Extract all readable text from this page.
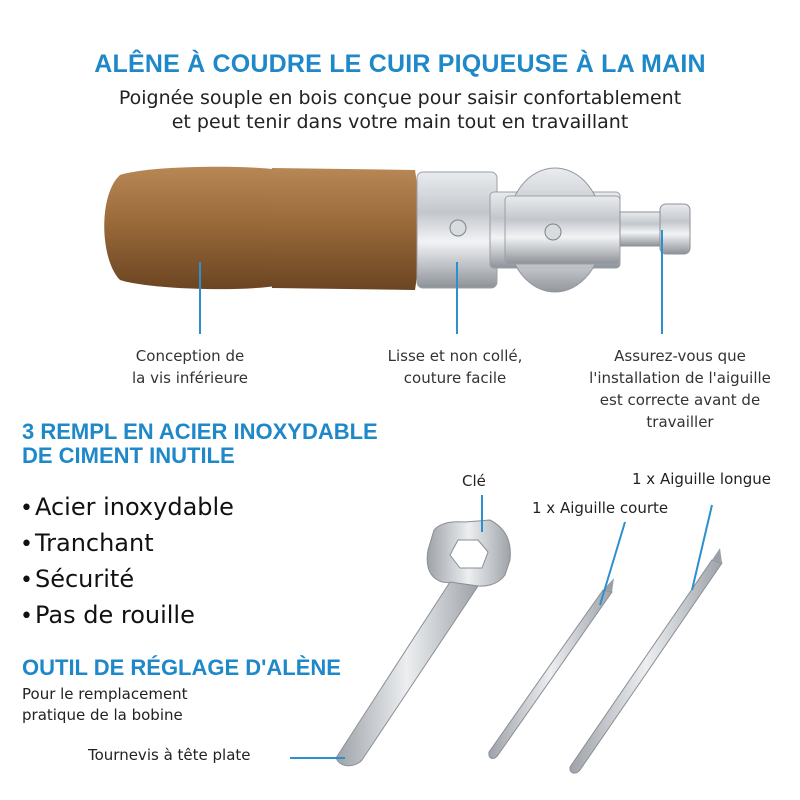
ALÊNE À COUDRE LE CUIR PIQUEUSE À LA MAIN
Poignée souple en bois conçue pour saisir confortablement
et peut tenir dans votre main tout en travaillant
Conception de
la vis inférieure
Lisse et non collé,
couture facile
Assurez-vous que
l'installation de l'aiguille
est correcte avant de
travailler
3 REMPL EN ACIER INOXYDABLE
DE CIMENT INUTILE
•Acier inoxydable
•Tranchant
•Sécurité
•Pas de rouille
OUTIL DE RÉGLAGE D'ALÈNE
Pour le remplacement
pratique de la bobine
Tournevis à tête plate
Clé
1 x Aiguille courte
1 x Aiguille longue
